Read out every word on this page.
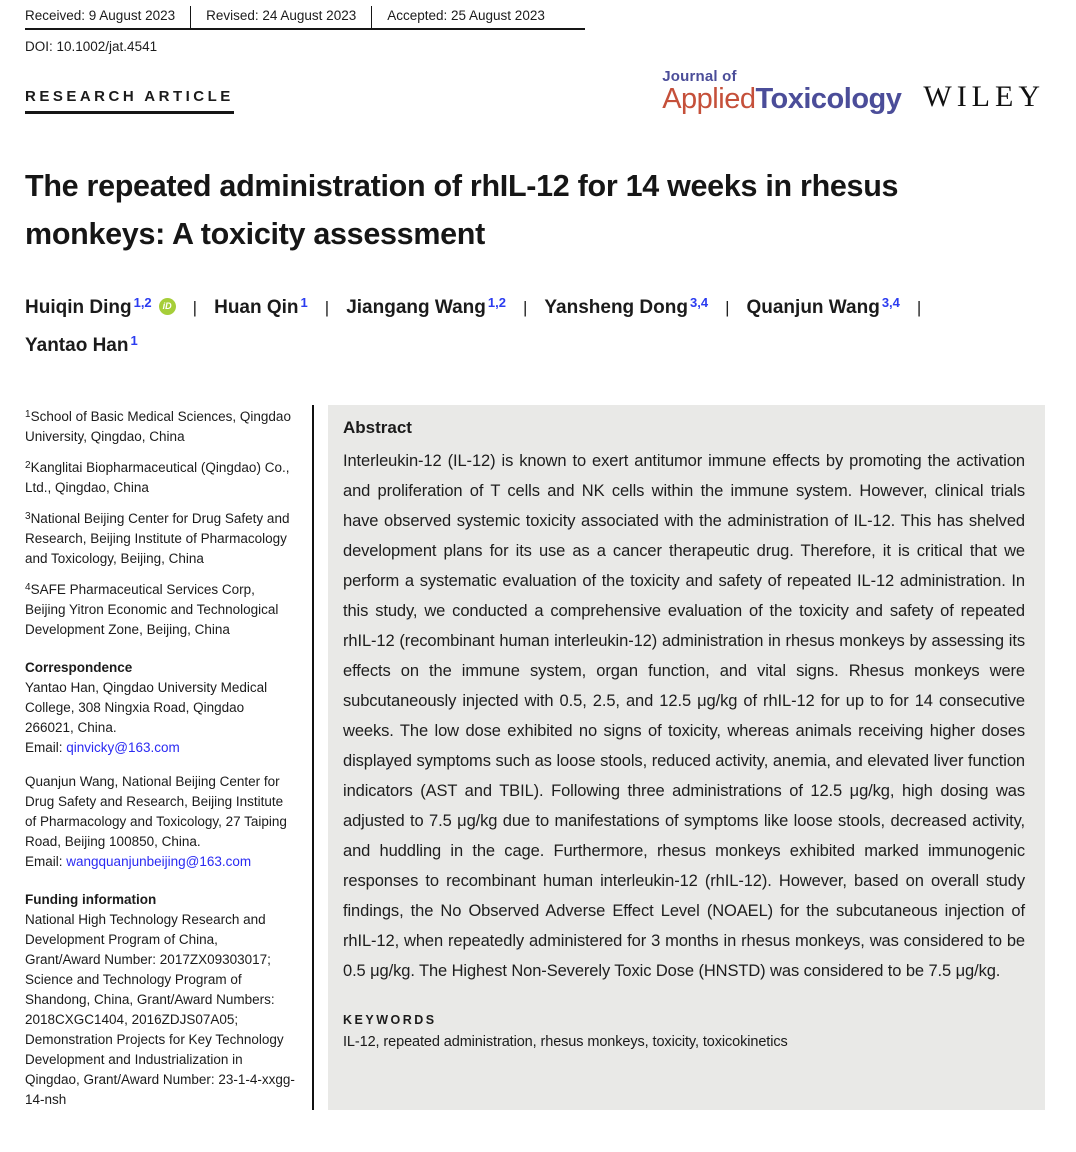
Received: 9 August 2023	Revised: 24 August 2023	Accepted: 25 August 2023
DOI: 10.1002/jat.4541
RESEARCH ARTICLE
Journal of
AppliedToxicology WILEY
The repeated administration of rhIL-12 for 14 weeks in rhesus monkeys: A toxicity assessment
Huiqin Ding $^{1,2}$ iD | Huan Qin $^1$ | Jiangang Wang $^{1,2}$ | Yansheng Dong $^{3,4}$ | Quanjun Wang $^{3,4}$ |
Yantao Han $^1$

$^1$School of Basic Medical Sciences, Qingdao University, Qingdao, China

$^2$Kanglitai Biopharmaceutical (Qingdao) Co., Ltd., Qingdao, China

$^3$National Beijing Center for Drug Safety and Research, Beijing Institute of Pharmacology and Toxicology, Beijing, China

$^4$SAFE Pharmaceutical Services Corp, Beijing Yitron Economic and Technological Development Zone, Beijing, China

Correspondence
Yantao Han, Qingdao University Medical College, 308 Ningxia Road, Qingdao 266021, China.
Email: qinvicky@163.com
Quanjun Wang, National Beijing Center for Drug Safety and Research, Beijing Institute of Pharmacology and Toxicology, 27 Taiping Road, Beijing 100850, China.
Email: wangquanjunbeijing@163.com
Funding information
National High Technology Research and Development Program of China, Grant/Award Number: 2017ZX09303017; Science and Technology Program of Shandong, China, Grant/Award Numbers: 2018CXGC1404, 2016ZDJS07A05; Demonstration Projects for Key Technology Development and Industrialization in Qingdao, Grant/Award Number: 23-1-4-xxgg-14-nsh
Abstract
Interleukin-12 (IL-12) is known to exert antitumor immune effects by promoting the activation and proliferation of T cells and NK cells within the immune system. However, clinical trials have observed systemic toxicity associated with the administration of IL-12. This has shelved development plans for its use as a cancer therapeutic drug. Therefore, it is critical that we perform a systematic evaluation of the toxicity and safety of repeated IL-12 administration. In this study, we conducted a comprehensive evaluation of the toxicity and safety of repeated rhIL-12 (recombinant human interleukin-12) administration in rhesus monkeys by assessing its effects on the immune system, organ function, and vital signs. Rhesus monkeys were subcutaneously injected with 0.5, 2.5, and 12.5 μg/kg of rhIL-12 for up to for 14 consecutive weeks. The low dose exhibited no signs of toxicity, whereas animals receiving higher doses displayed symptoms such as loose stools, reduced activity, anemia, and elevated liver function indicators (AST and TBIL). Following three administrations of 12.5 μg/kg, high dosing was adjusted to 7.5 μg/kg due to manifestations of symptoms like loose stools, decreased activity, and huddling in the cage. Furthermore, rhesus monkeys exhibited marked immunogenic responses to recombinant human interleukin-12 (rhIL-12). However, based on overall study findings, the No Observed Adverse Effect Level (NOAEL) for the subcutaneous injection of rhIL-12, when repeatedly administered for 3 months in rhesus monkeys, was considered to be 0.5 μg/kg. The Highest Non-Severely Toxic Dose (HNSTD) was considered to be 7.5 μg/kg.
KEYWORDS
IL-12, repeated administration, rhesus monkeys, toxicity, toxicokinetics
